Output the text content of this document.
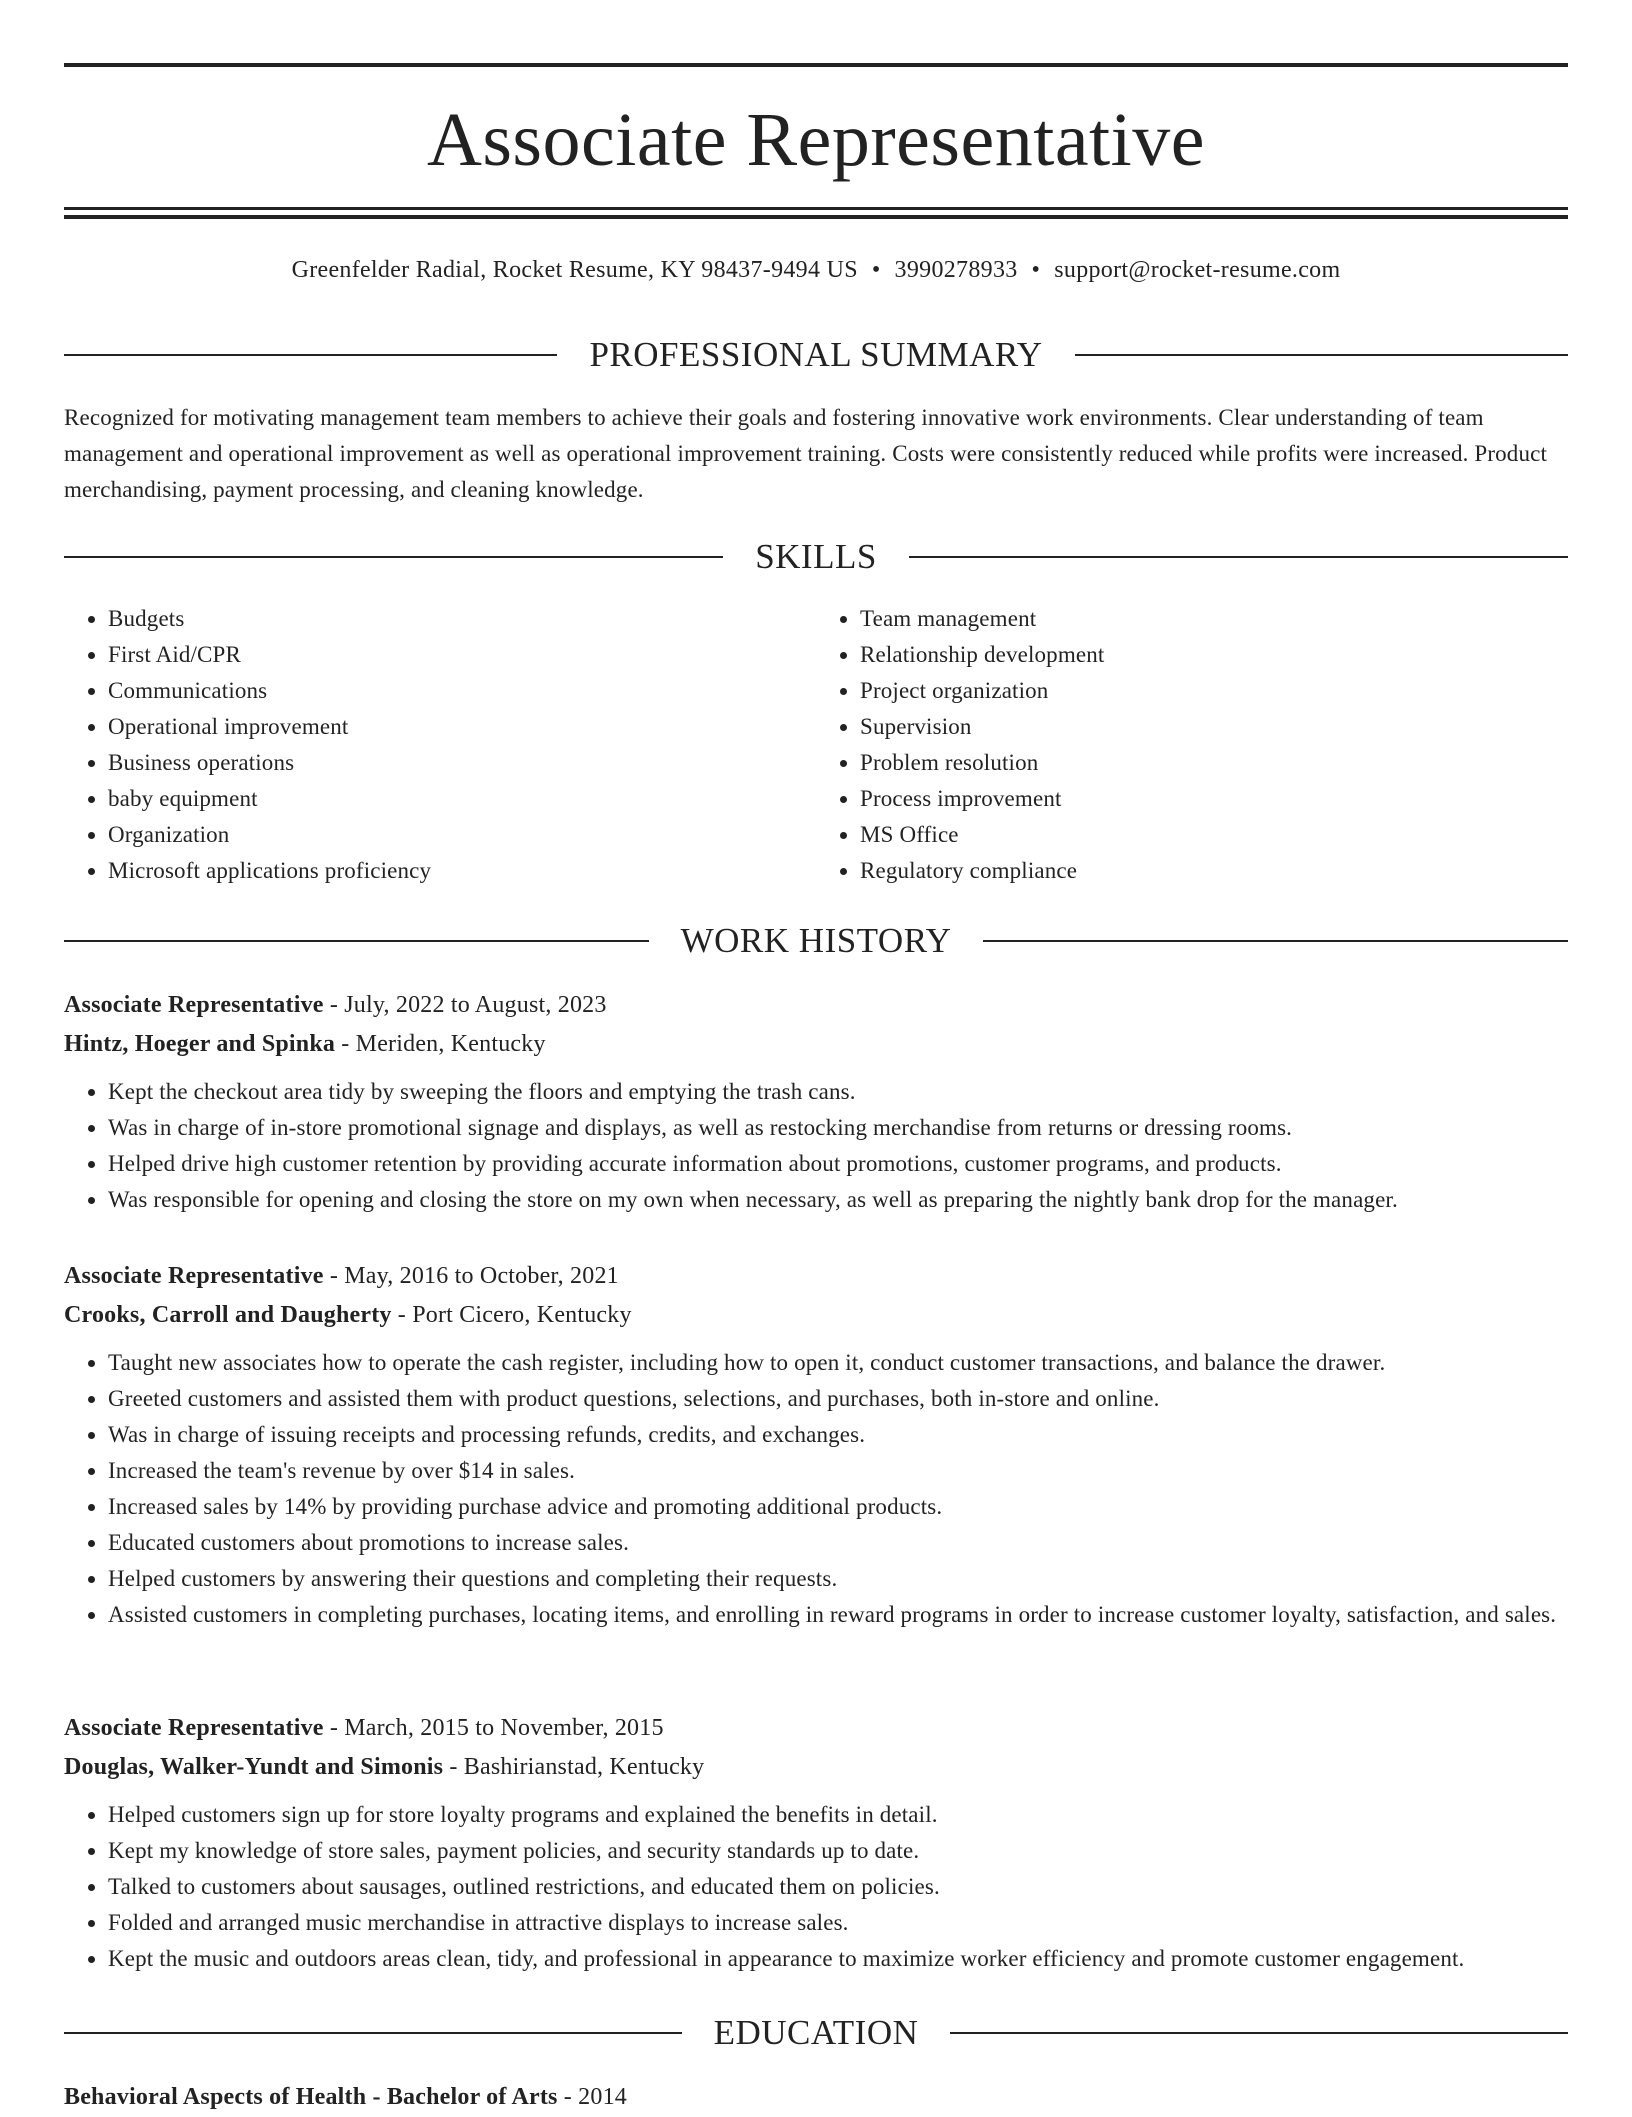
Associate Representative
Greenfelder Radial, Rocket Resume, KY 98437-9494 US • 3990278933 • support@rocket-resume.com
PROFESSIONAL SUMMARY

Recognized for motivating management team members to achieve their goals and fostering innovative work environments. Clear understanding of team management and operational improvement as well as operational improvement training. Costs were consistently reduced while profits were increased. Product merchandising, payment processing, and cleaning knowledge.

SKILLS
• Budgets
• First Aid/CPR
• Communications
• Operational improvement
• Business operations
• baby equipment
• Organization
• Microsoft applications proficiency
• Team management
• Relationship development
• Project organization
• Supervision
• Problem resolution
• Process improvement
• MS Office
• Regulatory compliance
WORK HISTORY
Associate Representative - July, 2022 to August, 2023
Hintz, Hoeger and Spinka - Meriden, Kentucky
• Kept the checkout area tidy by sweeping the floors and emptying the trash cans.
• Was in charge of in-store promotional signage and displays, as well as restocking merchandise from returns or dressing rooms.
• Helped drive high customer retention by providing accurate information about promotions, customer programs, and products.
• Was responsible for opening and closing the store on my own when necessary, as well as preparing the nightly bank drop for the manager.
Associate Representative - May, 2016 to October, 2021
Crooks, Carroll and Daugherty - Port Cicero, Kentucky
• Taught new associates how to operate the cash register, including how to open it, conduct customer transactions, and balance the drawer.
• Greeted customers and assisted them with product questions, selections, and purchases, both in-store and online.
• Was in charge of issuing receipts and processing refunds, credits, and exchanges.
• Increased the team's revenue by over $14 in sales.
• Increased sales by 14% by providing purchase advice and promoting additional products.
• Educated customers about promotions to increase sales.
• Helped customers by answering their questions and completing their requests.
• Assisted customers in completing purchases, locating items, and enrolling in reward programs in order to increase customer loyalty, satisfaction, and sales.
Associate Representative - March, 2015 to November, 2015
Douglas, Walker-Yundt and Simonis - Bashirianstad, Kentucky
• Helped customers sign up for store loyalty programs and explained the benefits in detail.
• Kept my knowledge of store sales, payment policies, and security standards up to date.
• Talked to customers about sausages, outlined restrictions, and educated them on policies.
• Folded and arranged music merchandise in attractive displays to increase sales.
• Kept the music and outdoors areas clean, tidy, and professional in appearance to maximize worker efficiency and promote customer engagement.
EDUCATION
Behavioral Aspects of Health - Bachelor of Arts - 2014
